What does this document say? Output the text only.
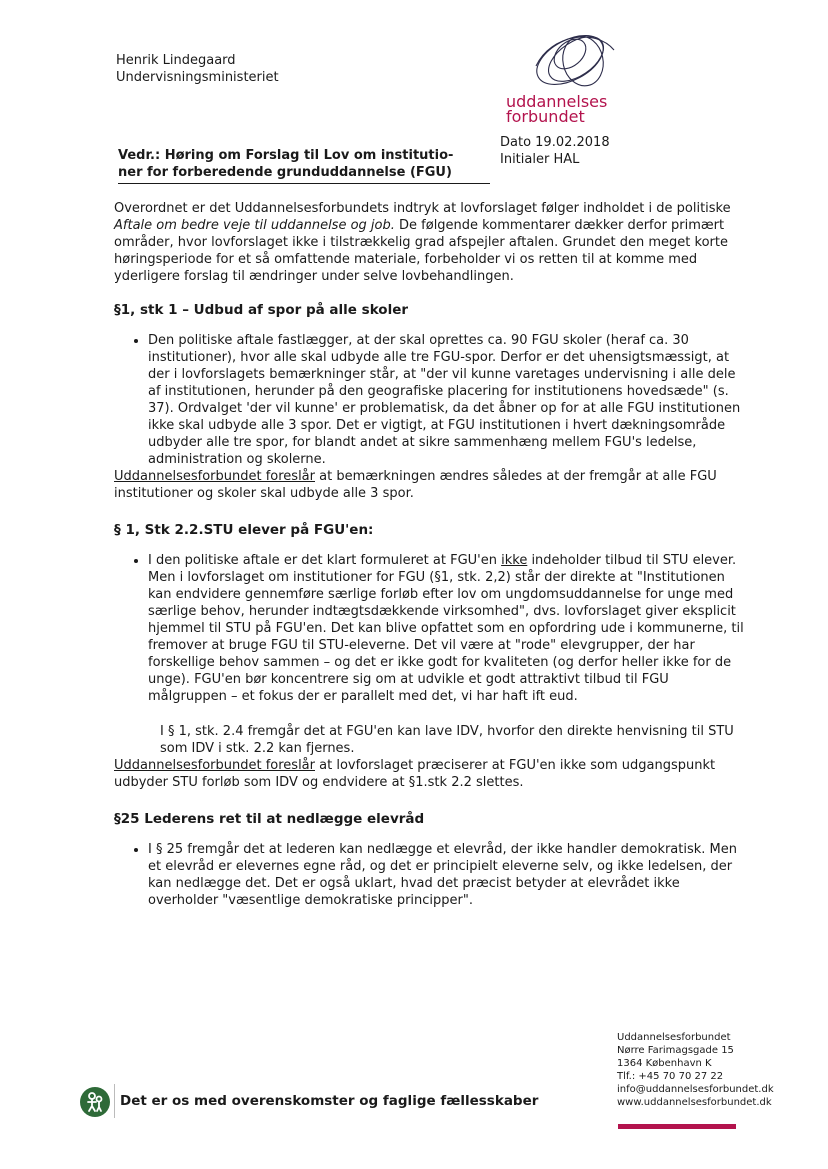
Henrik Lindegaard
Undervisningsministeriet
uddannelses
forbundet
Dato 19.02.2018
Initialer HAL
Vedr.: Høring om Forslag til Lov om institutio-
ner for forberedende grunduddannelse (FGU)

Overordnet er det Uddannelsesforbundets indtryk at lovforslaget følger indholdet i de politiske Aftale om bedre veje til uddannelse og job. De følgende kommentarer dækker derfor primært områder, hvor lovforslaget ikke i tilstrækkelig grad afspejler aftalen. Grundet den meget korte høringsperiode for et så omfattende materiale, forbeholder vi os retten til at komme med yderligere forslag til ændringer under selve lovbehandlingen.

§1, stk 1 – Udbud af spor på alle skoler
• Den politiske aftale fastlægger, at der skal oprettes ca. 90 FGU skoler (heraf ca. 30 institutioner), hvor alle skal udbyde alle tre FGU-spor. Derfor er det uhensigtsmæssigt, at der i lovforslagets bemærkninger står, at "der vil kunne varetages undervisning i alle dele af institutionen, herunder på den geografiske placering for institutionens hovedsæde" (s. 37). Ordvalget 'der vil kunne' er problematisk, da det åbner op for at alle FGU institutionen ikke skal udbyde alle 3 spor. Det er vigtigt, at FGU institutionen i hvert dækningsområde udbyder alle tre spor, for blandt andet at sikre sammenhæng mellem FGU's ledelse, administration og skolerne.

Uddannelsesforbundet foreslår at bemærkningen ændres således at der fremgår at alle FGU institutioner og skoler skal udbyde alle 3 spor.

§ 1, Stk 2.2.STU elever på FGU'en:
• I den politiske aftale er det klart formuleret at FGU'en ikke indeholder tilbud til STU elever. Men i lovforslaget om institutioner for FGU (§1, stk. 2,2) står der direkte at "Institutionen kan endvidere gennemføre særlige forløb efter lov om ungdomsuddannelse for unge med særlige behov, herunder indtægtsdækkende virksomhed", dvs. lovforslaget giver eksplicit hjemmel til STU på FGU'en. Det kan blive opfattet som en opfordring ude i kommunerne, til fremover at bruge FGU til STU-eleverne. Det vil være at "rode" elevgrupper, der har forskellige behov sammen – og det er ikke godt for kvaliteten (og derfor heller ikke for de unge). FGU'en bør koncentrere sig om at udvikle et godt attraktivt tilbud til FGU målgruppen – et fokus der er parallelt med det, vi har haft ift eud.

I § 1, stk. 2.4 fremgår det at FGU'en kan lave IDV, hvorfor den direkte henvisning til STU som IDV i stk. 2.2 kan fjernes.

Uddannelsesforbundet foreslår at lovforslaget præciserer at FGU'en ikke som udgangspunkt udbyder STU forløb som IDV og endvidere at §1.stk 2.2 slettes.

§25 Lederens ret til at nedlægge elevråd
• I § 25 fremgår det at lederen kan nedlægge et elevråd, der ikke handler demokratisk. Men et elevråd er elevernes egne råd, og det er principielt eleverne selv, og ikke ledelsen, der kan nedlægge det. Det er også uklart, hvad det præcist betyder at elevrådet ikke overholder "væsentlige demokratiske principper".
Uddannelsesforbundet
Nørre Farimagsgade 15
1364 København K
Tlf.: +45 70 70 27 22
info@uddannelsesforbundet.dk
www.uddannelsesforbundet.dk
Det er os med overenskomster og faglige fællesskaber
